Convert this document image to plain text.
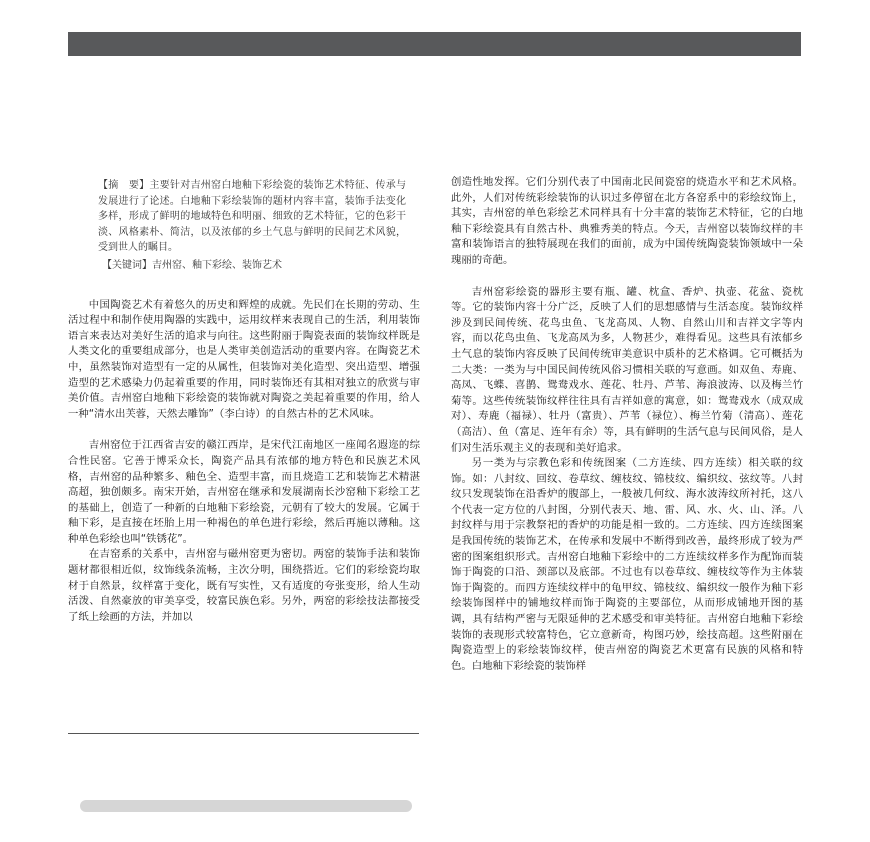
【摘　要】主要针对吉州窑白地釉下彩绘瓷的装饰艺术特征、传承与发展进行了论述。白地釉下彩绘装饰的题材内容丰富，装饰手法变化多样，形成了鲜明的地域特色和明丽、细致的艺术特征，它的色彩干淡、风格素朴、简洁，以及浓郁的乡土气息与鲜明的民间艺术风貌，受到世人的瞩目。

【关键词】吉州窑、釉下彩绘、装饰艺术

中国陶瓷艺术有着悠久的历史和辉煌的成就。先民们在长期的劳动、生活过程中和制作使用陶器的实践中，运用纹样来表现自己的生活，利用装饰语言来表达对美好生活的追求与向往。这些附丽于陶瓷表面的装饰纹样既是人类文化的重要组成部分，也是人类审美创造活动的重要内容。在陶瓷艺术中，虽然装饰对造型有一定的从属性，但装饰对美化造型、突出造型、增强造型的艺术感染力仍起着重要的作用，同时装饰还有其相对独立的欣赏与审美价值。吉州窑白地釉下彩绘瓷的装饰就对陶瓷之美起着重要的作用，给人一种“清水出芙蓉，天然去雕饰”（李白诗）的自然古朴的艺术风味。

吉州窑位于江西省吉安的赣江西岸，是宋代江南地区一座闻名遐迩的综合性民窑。它善于博采众长，陶瓷产品具有浓郁的地方特色和民族艺术风格，吉州窑的品种繁多、釉色全、造型丰富，而且烧造工艺和装饰艺术精湛高超，独创颇多。南宋开始，吉州窑在继承和发展湖南长沙窑釉下彩绘工艺的基础上，创造了一种新的白地釉下彩绘瓷，元朝有了较大的发展。它属于釉下彩，是直接在坯胎上用一种褐色的单色进行彩绘，然后再施以薄釉。这种单色彩绘也叫“铁锈花”。

在吉窑系的关系中，吉州窑与磁州窑更为密切。两窑的装饰手法和装饰题材都很相近似，纹饰线条流畅，主次分明，围绕搭近。它们的彩绘瓷均取材于自然景，纹样富于变化，既有写实性，又有适度的夸张变形，给人生动活泼、自然豪放的审美享受，较富民族色彩。另外，两窑的彩绘技法都接受了纸上绘画的方法，并加以

创造性地发挥。它们分别代表了中国南北民间瓷窑的烧造水平和艺术风格。此外，人们对传统彩绘装饰的认识过多停留在北方各窑系中的彩绘纹饰上，其实，吉州窑的单色彩绘艺术同样具有十分丰富的装饰艺术特征，它的白地釉下彩绘瓷具有自然古朴、典雅秀美的特点。今天，吉州窑以装饰纹样的丰富和装饰语言的独特展现在我们的面前，成为中国传统陶瓷装饰领域中一朵瑰丽的奇葩。

吉州窑彩绘瓷的器形主要有瓶、罐、枕盒、香炉、执壶、花盆、瓷枕等。它的装饰内容十分广泛，反映了人们的思想感情与生活态度。装饰纹样涉及到民间传统、花鸟虫鱼、飞龙高凤、人物、自然山川和吉祥文字等内容，而以花鸟虫鱼、飞龙高凤为多，人物甚少，难得看见。这些具有浓郁乡土气息的装饰内容反映了民间传统审美意识中质朴的艺术格调。它可概括为二大类：一类为与中国民间传统风俗习惯相关联的写意画。如双鱼、寿鹿、高凤、飞蝶、喜鹊、鸳鸯戏水、莲花、牡丹、芦苇、海浪波涛、以及梅兰竹菊等。这些传统装饰纹样往往具有吉祥如意的寓意，如：鸳鸯戏水（成双成对）、寿鹿（福禄）、牡丹（富贵）、芦苇（禄位）、梅兰竹菊（清高）、莲花（高洁）、鱼（富足、连年有余）等，具有鲜明的生活气息与民间风俗，是人们对生活乐观主义的表现和美好追求。

另一类为与宗教色彩和传统图案（二方连续、四方连续）相关联的纹饰。如：八封纹、回纹、卷草纹、缠枝纹、锦枝纹、编织纹、弦纹等。八封纹只发现装饰在沿香炉的腹部上，一般被几何纹、海水波涛纹所衬托，这八个代表一定方位的八封图，分别代表天、地、雷、风、水、火、山、泽。八封纹样与用于宗教祭祀的香炉的功能是相一致的。二方连续、四方连续图案是我国传统的装饰艺术，在传承和发展中不断得到改善，最终形成了较为严密的图案组织形式。吉州窑白地釉下彩绘中的二方连续纹样多作为配饰而装饰于陶瓷的口沿、颈部以及底部。不过也有以卷草纹、缠枝纹等作为主体装饰于陶瓷的。而四方连续纹样中的龟甲纹、锦枝纹、编织纹一般作为釉下彩绘装饰图样中的铺地纹样而饰于陶瓷的主要部位，从而形成铺地开图的基调，具有结构严密与无限延伸的艺术感受和审美特征。吉州窑白地釉下彩绘装饰的表现形式较富特色，它立意新奇，构图巧妙，绘技高超。这些附丽在陶瓷造型上的彩绘装饰纹样，使吉州窑的陶瓷艺术更富有民族的风格和特色。白地釉下彩绘瓷的装饰样
